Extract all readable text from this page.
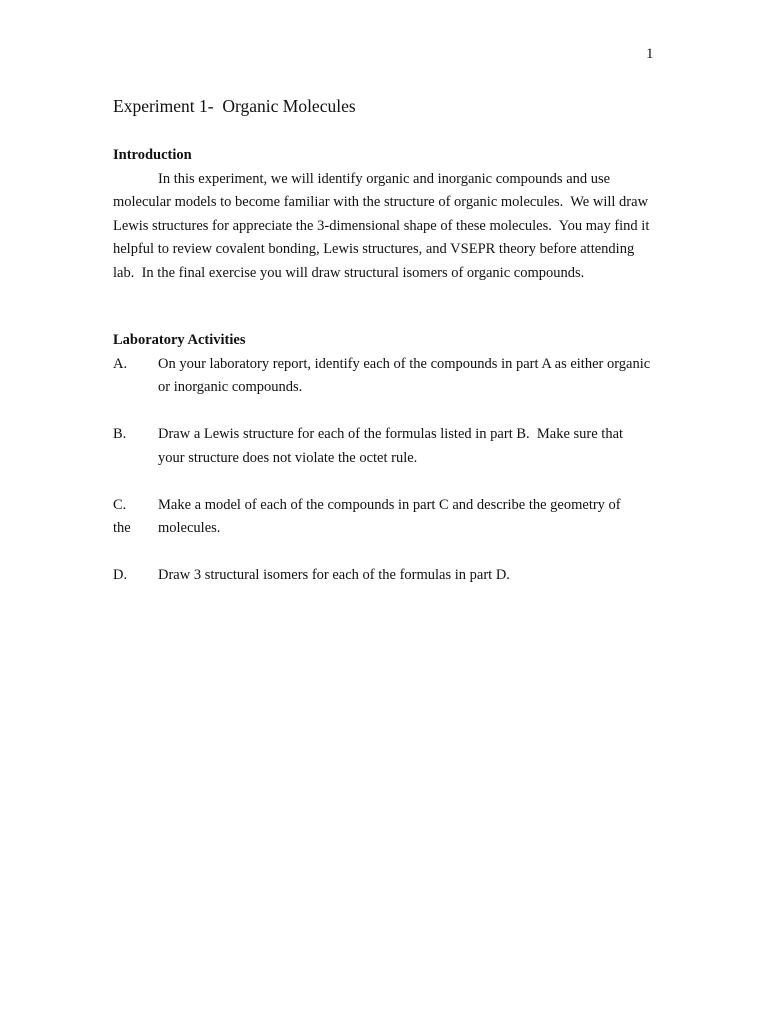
1
Experiment 1-  Organic Molecules
Introduction

In this experiment, we will identify organic and inorganic compounds and use molecular models to become familiar with the structure of organic molecules.  We will draw Lewis structures for appreciate the 3-dimensional shape of these molecules.  You may find it helpful to review covalent bonding, Lewis structures, and VSEPR theory before attending lab.  In the final exercise you will draw structural isomers of organic compounds.

Laboratory Activities
A.	On your laboratory report, identify each of the compounds in part A as either organic or inorganic compounds.
B.	Draw a Lewis structure for each of the formulas listed in part B.  Make sure that your structure does not violate the octet rule.
C.
the
Make a model of each of the compounds in part C and describe the geometry of molecules.
D.	Draw 3 structural isomers for each of the formulas in part D.
